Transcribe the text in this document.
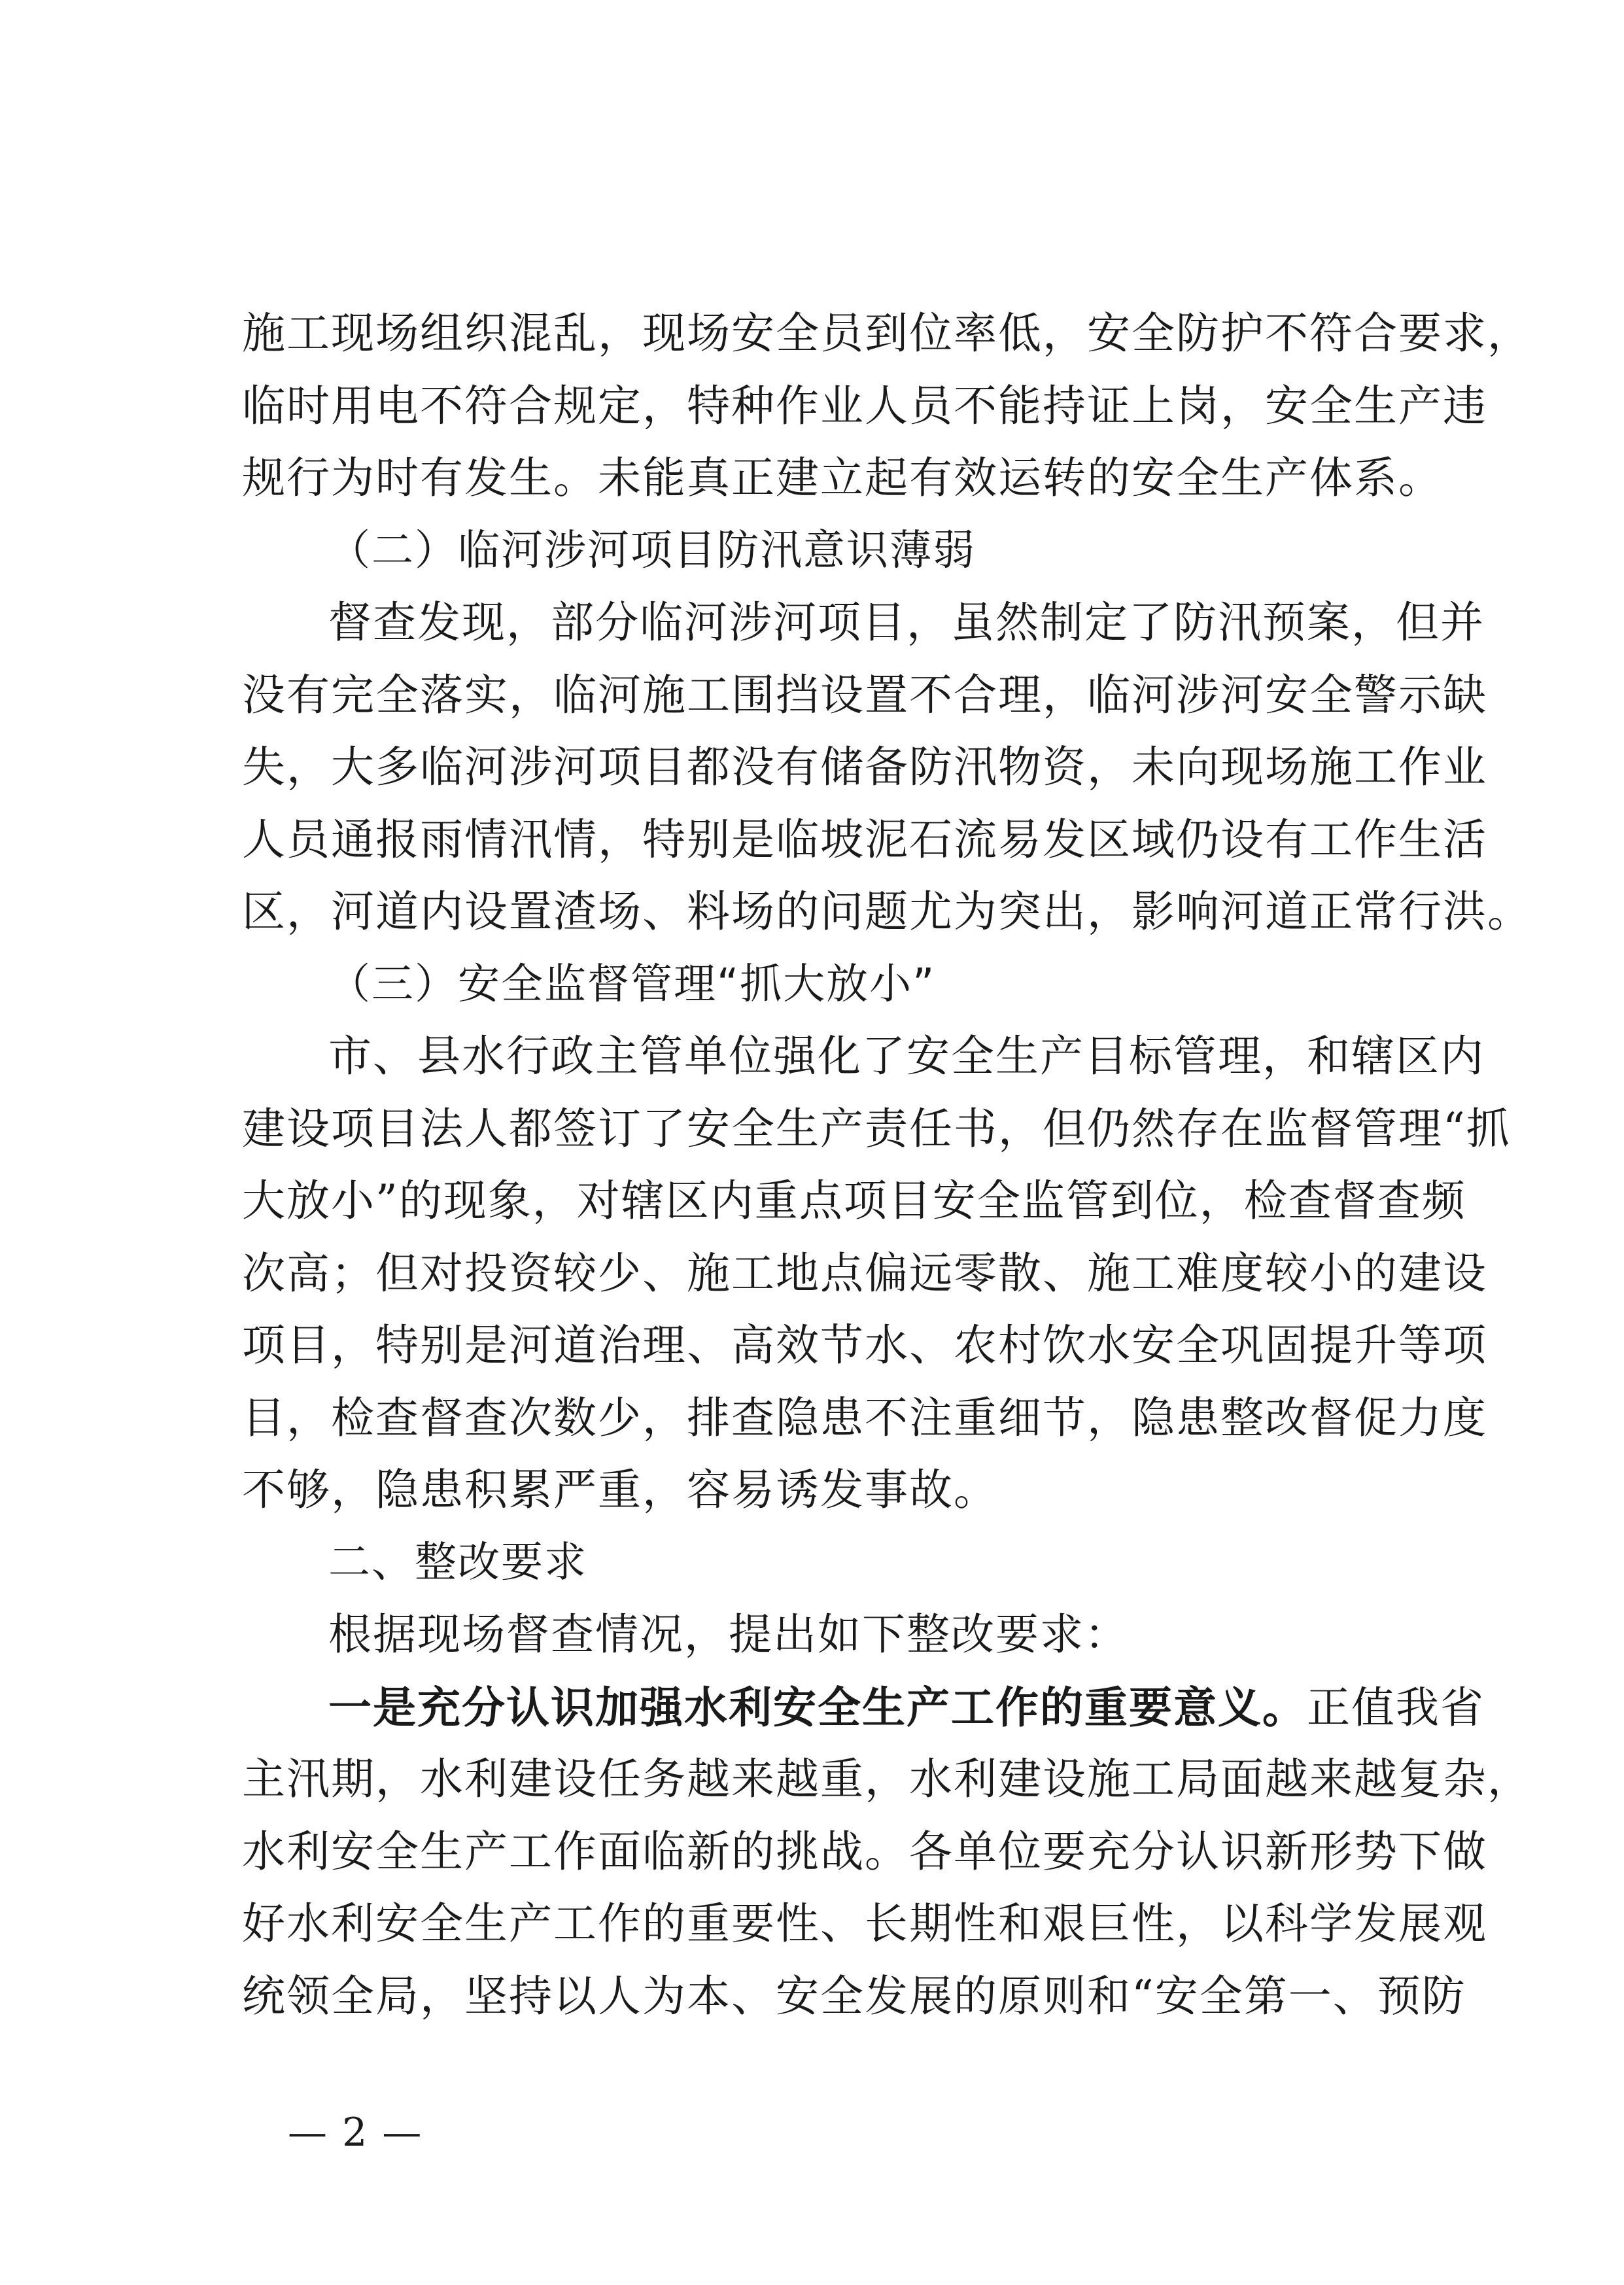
施工现场组织混乱，现场安全员到位率低，安全防护不符合要求，
临时用电不符合规定，特种作业人员不能持证上岗，安全生产违
规行为时有发生。未能真正建立起有效运转的安全生产体系。
（二）临河涉河项目防汛意识薄弱
督查发现，部分临河涉河项目，虽然制定了防汛预案，但并
没有完全落实，临河施工围挡设置不合理，临河涉河安全警示缺
失，大多临河涉河项目都没有储备防汛物资，未向现场施工作业
人员通报雨情汛情，特别是临坡泥石流易发区域仍设有工作生活
区，河道内设置渣场、料场的问题尤为突出，影响河道正常行洪。
（三）安全监督管理“抓大放小”
市、县水行政主管单位强化了安全生产目标管理，和辖区内
建设项目法人都签订了安全生产责任书，但仍然存在监督管理“抓
大放小”的现象，对辖区内重点项目安全监管到位，检查督查频
次高；但对投资较少、施工地点偏远零散、施工难度较小的建设
项目，特别是河道治理、高效节水、农村饮水安全巩固提升等项
目，检查督查次数少，排查隐患不注重细节，隐患整改督促力度
不够，隐患积累严重，容易诱发事故。
二、整改要求
根据现场督查情况，提出如下整改要求：
一是充分认识加强水利安全生产工作的重要意义。正值我省
主汛期，水利建设任务越来越重，水利建设施工局面越来越复杂，
水利安全生产工作面临新的挑战。各单位要充分认识新形势下做
好水利安全生产工作的重要性、长期性和艰巨性，以科学发展观
统领全局，坚持以人为本、安全发展的原则和“安全第一、预防
— 2 —
